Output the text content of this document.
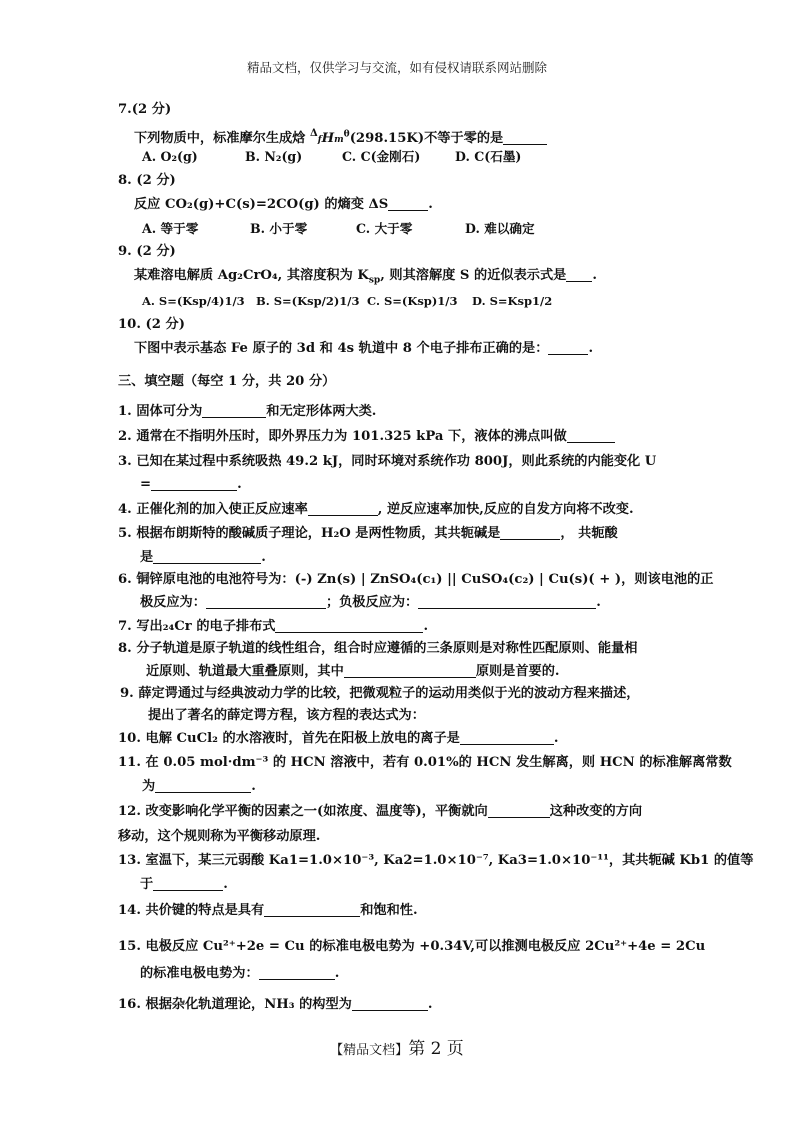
精品文档，仅供学习与交流，如有侵权请联系网站删除
7.(2 分)
下列物质中，标准摩尔生成焓 $^\Delta$fHm$^\theta$(298.15K)不等于零的是
A. O₂(g)	B. N₂(g)	C. C(金刚石)	D. C(石墨)
8. (2 分)
反应 CO₂(g)+C(s)=2CO(g) 的熵变 ΔS	.
A. 等于零	B. 小于零	C. 大于零	D. 难以确定
9. (2 分)
某难溶电解质 Ag₂CrO₄, 其溶度积为 $K_{sp}$, 则其溶解度 S 的近似表示式是 .
A. S=(Ksp/4)1/3 B. S=(Ksp/2)1/3 C. S=(Ksp)1/3 D. S=Ksp1/2
10. (2 分)
下图中表示基态 Fe 原子的 3d 和 4s 轨道中 8 个电子排布正确的是：	.
三、填空题（每空 1 分，共 20 分）
1. 固体可分为	和无定形体两大类.
2. 通常在不指明外压时，即外界压力为 101.325 kPa 下，液体的沸点叫做
3. 已知在某过程中系统吸热 49.2 kJ，同时环境对系统作功 800J，则此系统的内能变化 U
=	.
4. 正催化剂的加入使正反应速率	, 逆反应速率加快,反应的自发方向将不改变.
5. 根据布朗斯特的酸碱质子理论，H₂O 是两性物质，其共轭碱是	， 共轭酸
是	.
6. 铜锌原电池的电池符号为：(-) Zn(s) | ZnSO₄(c₁) || CuSO₄(c₂) | Cu(s)( + )，则该电池的正
极反应为：	；负极反应为：	.
7. 写出₂₄Cr 的电子排布式	.
8. 分子轨道是原子轨道的线性组合，组合时应遵循的三条原则是对称性匹配原则、能量相
近原则、轨道最大重叠原则，其中	原则是首要的.
9. 薛定谔通过与经典波动力学的比较，把微观粒子的运动用类似于光的波动方程来描述，
提出了著名的薛定谔方程，该方程的表达式为：
10. 电解 CuCl₂ 的水溶液时，首先在阳极上放电的离子是	.
11. 在 0.05 mol·dm⁻³ 的 HCN 溶液中，若有 0.01%的 HCN 发生解离，则 HCN 的标准解离常数
为	.
12. 改变影响化学平衡的因素之一(如浓度、温度等)，平衡就向	这种改变的方向
移动，这个规则称为平衡移动原理.
13. 室温下，某三元弱酸 Ka1=1.0×10⁻³, Ka2=1.0×10⁻⁷, Ka3=1.0×10⁻¹¹，其共轭碱 Kb1 的值等
于	.
14. 共价键的特点是具有	和饱和性.
15. 电极反应 Cu²⁺+2e = Cu 的标准电极电势为 +0.34V,可以推测电极反应 2Cu²⁺+4e = 2Cu
的标准电极电势为：	.
16. 根据杂化轨道理论，NH₃ 的构型为	.
【精品文档】第 2 页
